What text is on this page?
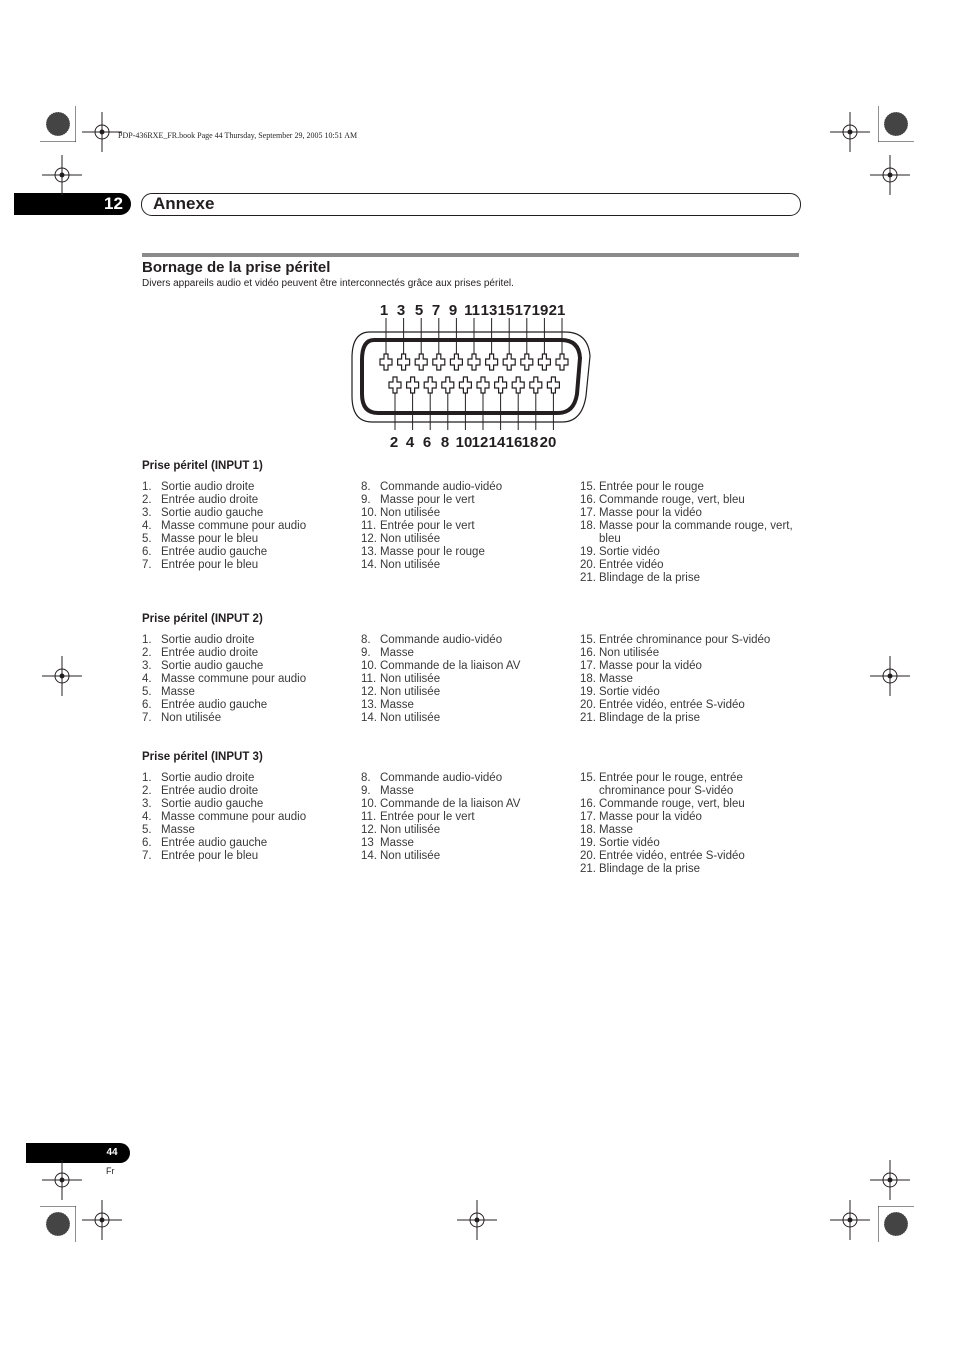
PDP-436RXE_FR.book Page 44 Thursday, September 29, 2005 10:51 AM
12	Annexe
Bornage de la prise péritel
Divers appareils audio et vidéo peuvent être interconnectés grâce aux prises péritel.
1 3 5 7 9 11 13 15 17 19 21
2 4 6 8 10 12 14 16 18 20
Prise péritel (INPUT 1)
1. Sortie audio droite
2. Entrée audio droite
3. Sortie audio gauche
4. Masse commune pour audio
5. Masse pour le bleu
6. Entrée audio gauche
7. Entrée pour le bleu
8. Commande audio-vidéo
9. Masse pour le vert
10. Non utilisée
11. Entrée pour le vert
12. Non utilisée
13. Masse pour le rouge
14. Non utilisée
15. Entrée pour le rouge
16. Commande rouge, vert, bleu
17. Masse pour la vidéo
18. Masse pour la commande rouge, vert, bleu
19. Sortie vidéo
20. Entrée vidéo
21. Blindage de la prise
Prise péritel (INPUT 2)
1. Sortie audio droite
2. Entrée audio droite
3. Sortie audio gauche
4. Masse commune pour audio
5. Masse
6. Entrée audio gauche
7. Non utilisée
8. Commande audio-vidéo
9. Masse
10. Commande de la liaison AV
11. Non utilisée
12. Non utilisée
13. Masse
14. Non utilisée
15. Entrée chrominance pour S-vidéo
16. Non utilisée
17. Masse pour la vidéo
18. Masse
19. Sortie vidéo
20. Entrée vidéo, entrée S-vidéo
21. Blindage de la prise
Prise péritel (INPUT 3)
1. Sortie audio droite
2. Entrée audio droite
3. Sortie audio gauche
4. Masse commune pour audio
5. Masse
6. Entrée audio gauche
7. Entrée pour le bleu
8. Commande audio-vidéo
9. Masse
10. Commande de la liaison AV
11. Entrée pour le vert
12. Non utilisée
13 Masse
14. Non utilisée
15. Entrée pour le rouge, entrée chrominance pour S-vidéo
16. Commande rouge, vert, bleu
17. Masse pour la vidéo
18. Masse
19. Sortie vidéo
20. Entrée vidéo, entrée S-vidéo
21. Blindage de la prise
44
Fr
